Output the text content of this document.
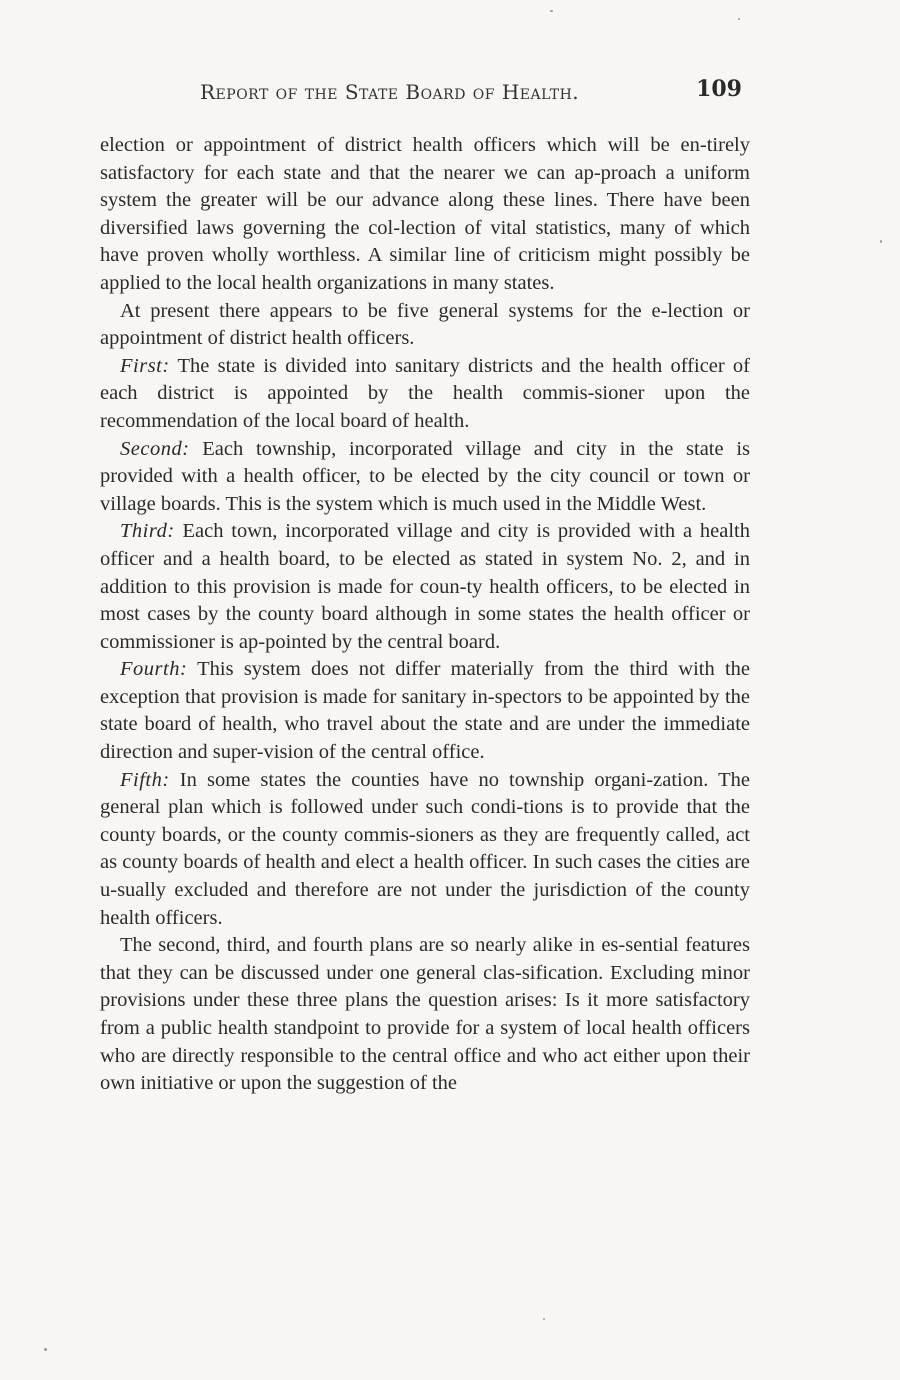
Report of the State Board of Health.	109

election or appointment of district health officers which will be en-tirely satisfactory for each state and that the nearer we can ap-proach a uniform system the greater will be our advance along these lines. There have been diversified laws governing the col-lection of vital statistics, many of which have proven wholly worthless. A similar line of criticism might possibly be applied to the local health organizations in many states.

At present there appears to be five general systems for the e-lection or appointment of district health officers.

First: The state is divided into sanitary districts and the health officer of each district is appointed by the health commis-sioner upon the recommendation of the local board of health.

Second: Each township, incorporated village and city in the state is provided with a health officer, to be elected by the city council or town or village boards. This is the system which is much used in the Middle West.

Third: Each town, incorporated village and city is provided with a health officer and a health board, to be elected as stated in system No. 2, and in addition to this provision is made for coun-ty health officers, to be elected in most cases by the county board although in some states the health officer or commissioner is ap-pointed by the central board.

Fourth: This system does not differ materially from the third with the exception that provision is made for sanitary in-spectors to be appointed by the state board of health, who travel about the state and are under the immediate direction and super-vision of the central office.

Fifth: In some states the counties have no township organi-zation. The general plan which is followed under such condi-tions is to provide that the county boards, or the county commis-sioners as they are frequently called, act as county boards of health and elect a health officer. In such cases the cities are u-sually excluded and therefore are not under the jurisdiction of the county health officers.

The second, third, and fourth plans are so nearly alike in es-sential features that they can be discussed under one general clas-sification. Excluding minor provisions under these three plans the question arises: Is it more satisfactory from a public health standpoint to provide for a system of local health officers who are directly responsible to the central office and who act either upon their own initiative or upon the suggestion of the
